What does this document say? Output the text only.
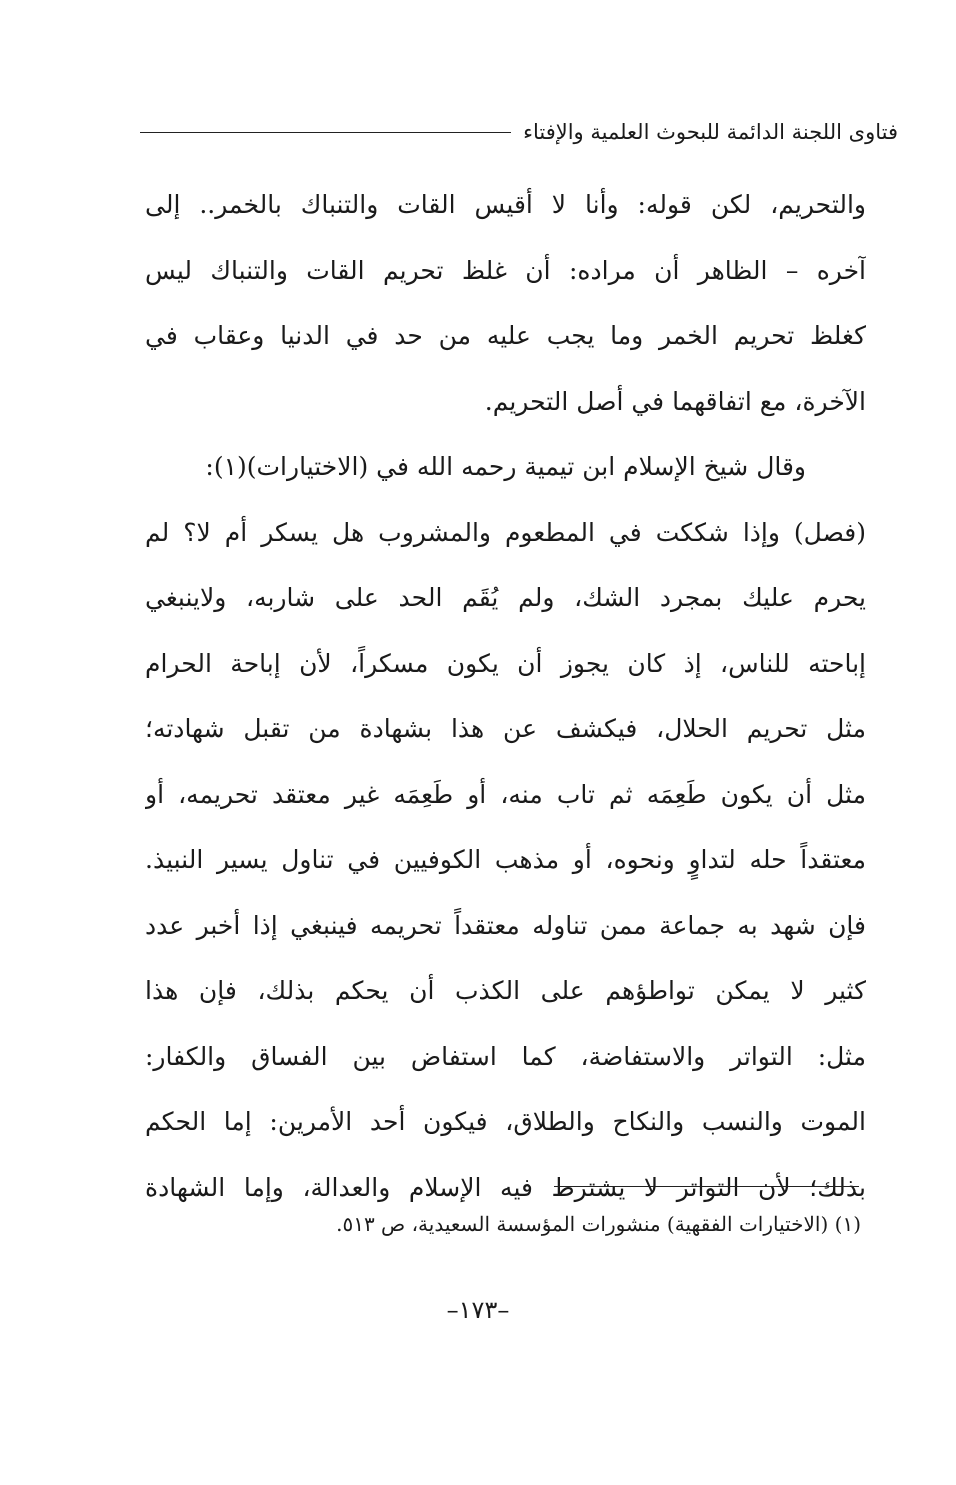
فتاوى اللجنة الدائمة للبحوث العلمية والإفتاء
والتحريم، لكن قوله: وأنا لا أقيس القات والتنباك بالخمر.. إلى
آخره – الظاهر أن مراده: أن غلظ تحريم القات والتنباك ليس
كغلظ تحريم الخمر وما يجب عليه من حد في الدنيا وعقاب في
الآخرة، مع اتفاقهما في أصل التحريم.
وقال شيخ الإسلام ابن تيمية رحمه الله في (الاختيارات)(١):
(فصل) وإذا شككت في المطعوم والمشروب هل يسكر أم لا؟ لم
يحرم عليك بمجرد الشك، ولم يُقَم الحد على شاربه، ولاينبغي
إباحته للناس، إذ كان يجوز أن يكون مسكراً، لأن إباحة الحرام
مثل تحريم الحلال، فيكشف عن هذا بشهادة من تقبل شهادته؛
مثل أن يكون طَعِمَه ثم تاب منه، أو طَعِمَه غير معتقد تحريمه، أو
معتقداً حله لتداوٍ ونحوه، أو مذهب الكوفيين في تناول يسير النبيذ.
فإن شهد به جماعة ممن تناوله معتقداً تحريمه فينبغي إذا أخبر عدد
كثير لا يمكن تواطؤهم على الكذب أن يحكم بذلك، فإن هذا
مثل: التواتر والاستفاضة، كما استفاض بين الفساق والكفار:
الموت والنسب والنكاح والطلاق، فيكون أحد الأمرين: إما الحكم
بذلك؛ لأن التواتر لا يشترط فيه الإسلام والعدالة، وإما الشهادة
(١) (الاختيارات الفقهية) منشورات المؤسسة السعيدية، ص ٥١٣.
–١٧٣–
